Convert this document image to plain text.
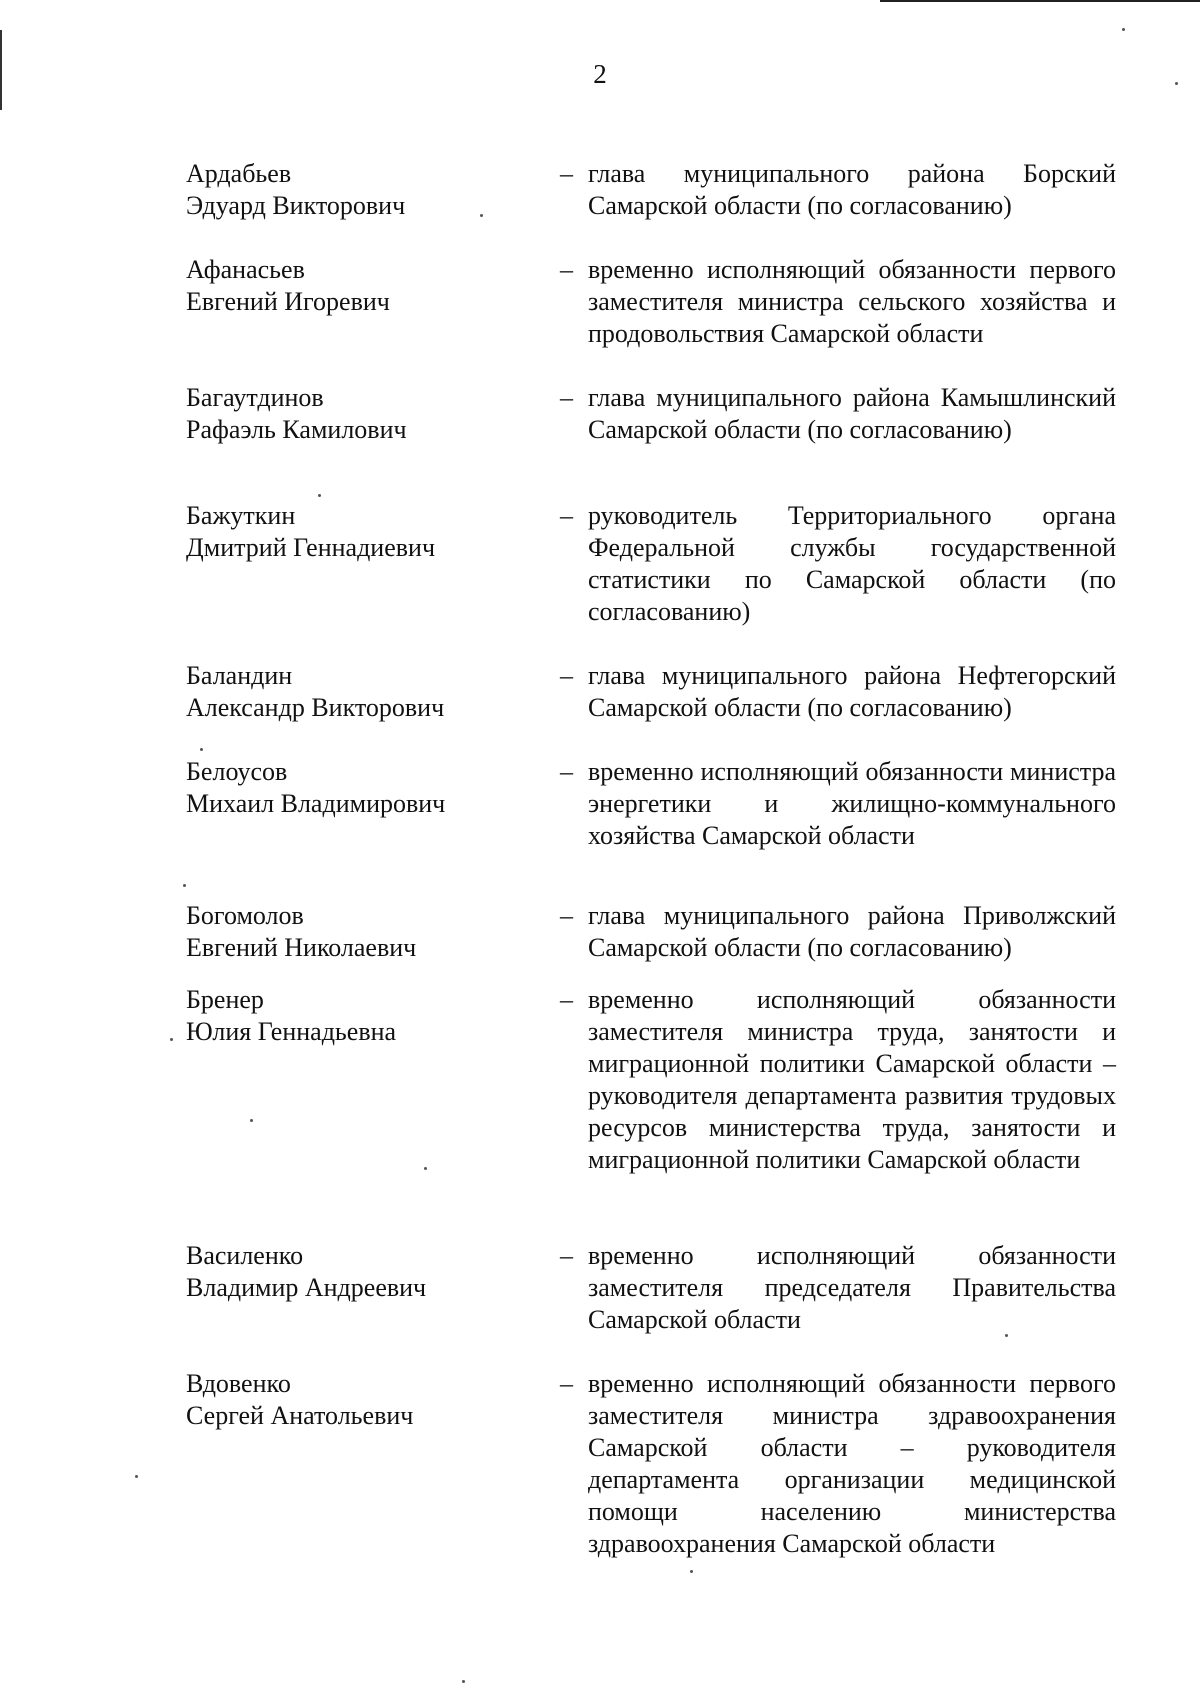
2
Ардабьев
Эдуард Викторович
– глава муниципального района Борский Самарской области (по согласованию)
Афанасьев
Евгений Игоревич
– временно исполняющий обязанности первого заместителя министра сельского хозяйства и продовольствия Самарской области
Багаутдинов
Рафаэль Камилович
– глава муниципального района Камышлинский Самарской области (по согласованию)
Бажуткин
Дмитрий Геннадиевич
– руководитель Территориального органа Федеральной службы государственной статистики по Самарской области (по согласованию)
Баландин
Александр Викторович
– глава муниципального района Нефтегорский Самарской области (по согласованию)
Белоусов
Михаил Владимирович
– временно исполняющий обязанности министра энергетики и жилищно-коммунального хозяйства Самарской области
Богомолов
Евгений Николаевич
– глава муниципального района Приволжский Самарской области (по согласованию)
Бренер
Юлия Геннадьевна
– временно исполняющий обязанности заместителя министра труда, занятости и миграционной политики Самарской области – руководителя департамента развития трудовых ресурсов министерства труда, занятости и миграционной политики Самарской области
Василенко
Владимир Андреевич
– временно исполняющий обязанности заместителя председателя Правительства Самарской области
Вдовенко
Сергей Анатольевич
– временно исполняющий обязанности первого заместителя министра здравоохранения Самарской области – руководителя департамента организации медицинской помощи населению министерства здравоохранения Самарской области
